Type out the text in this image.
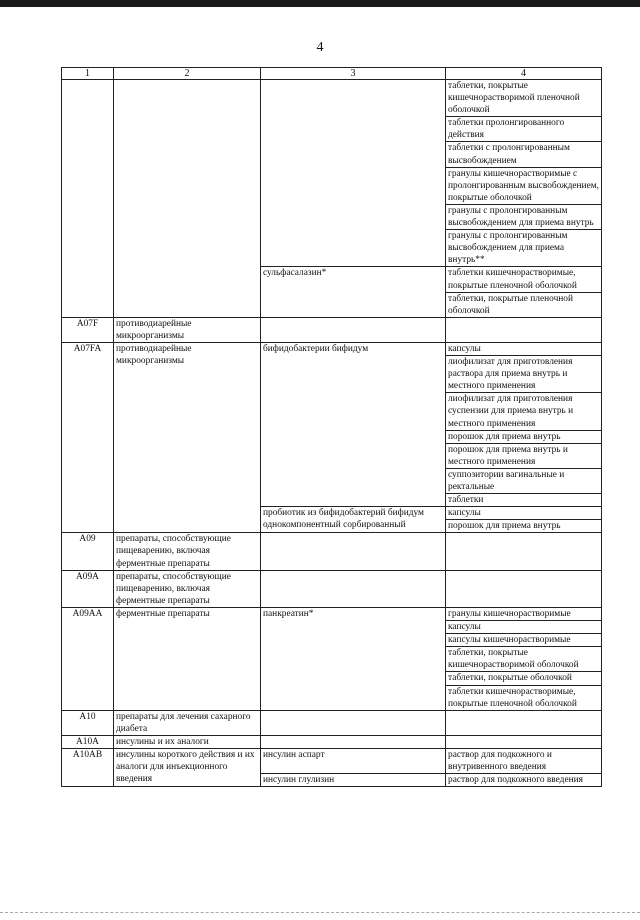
4
1	2	3	4
			таблетки, покрытые кишечнорастворимой пленочной оболочкой
			таблетки пролонгированного действия
			таблетки с пролонгированным высвобождением
			гранулы кишечнорастворимые с пролонгированным высвобождением, покрытые оболочкой
			гранулы с пролонгированным высвобождением для приема внутрь
			гранулы с пролонгированным высвобождением для приема внутрь**
		сульфасалазин*	таблетки кишечнорастворимые, покрытые пленочной оболочкой
			таблетки, покрытые пленочной оболочкой
A07F	противодиарейные микроорганизмы		
A07FA	противодиарейные микроорганизмы	бифидобактерии бифидум	капсулы
			лиофилизат для приготовления раствора для приема внутрь и местного применения
			лиофилизат для приготовления суспензии для приема внутрь и местного применения
			порошок для приема внутрь
			порошок для приема внутрь и местного применения
			суппозитории вагинальные и ректальные
			таблетки
		пробиотик из бифидобактерий бифидум однокомпонентный сорбированный	капсулы
			порошок для приема внутрь
A09	препараты, способствующие пищеварению, включая ферментные препараты		
A09A	препараты, способствующие пищеварению, включая ферментные препараты		
A09AA	ферментные препараты	панкреатин*	гранулы кишечнорастворимые
			капсулы
			капсулы кишечнорастворимые
			таблетки, покрытые кишечнорастворимой оболочкой
			таблетки, покрытые оболочкой
			таблетки кишечнорастворимые, покрытые пленочной оболочкой
A10	препараты для лечения сахарного диабета		
A10A	инсулины и их аналоги		
A10AB	инсулины короткого действия и их аналоги для инъекционного введения	инсулин аспарт	раствор для подкожного и внутривенного введения
		инсулин глулизин	раствор для подкожного введения
